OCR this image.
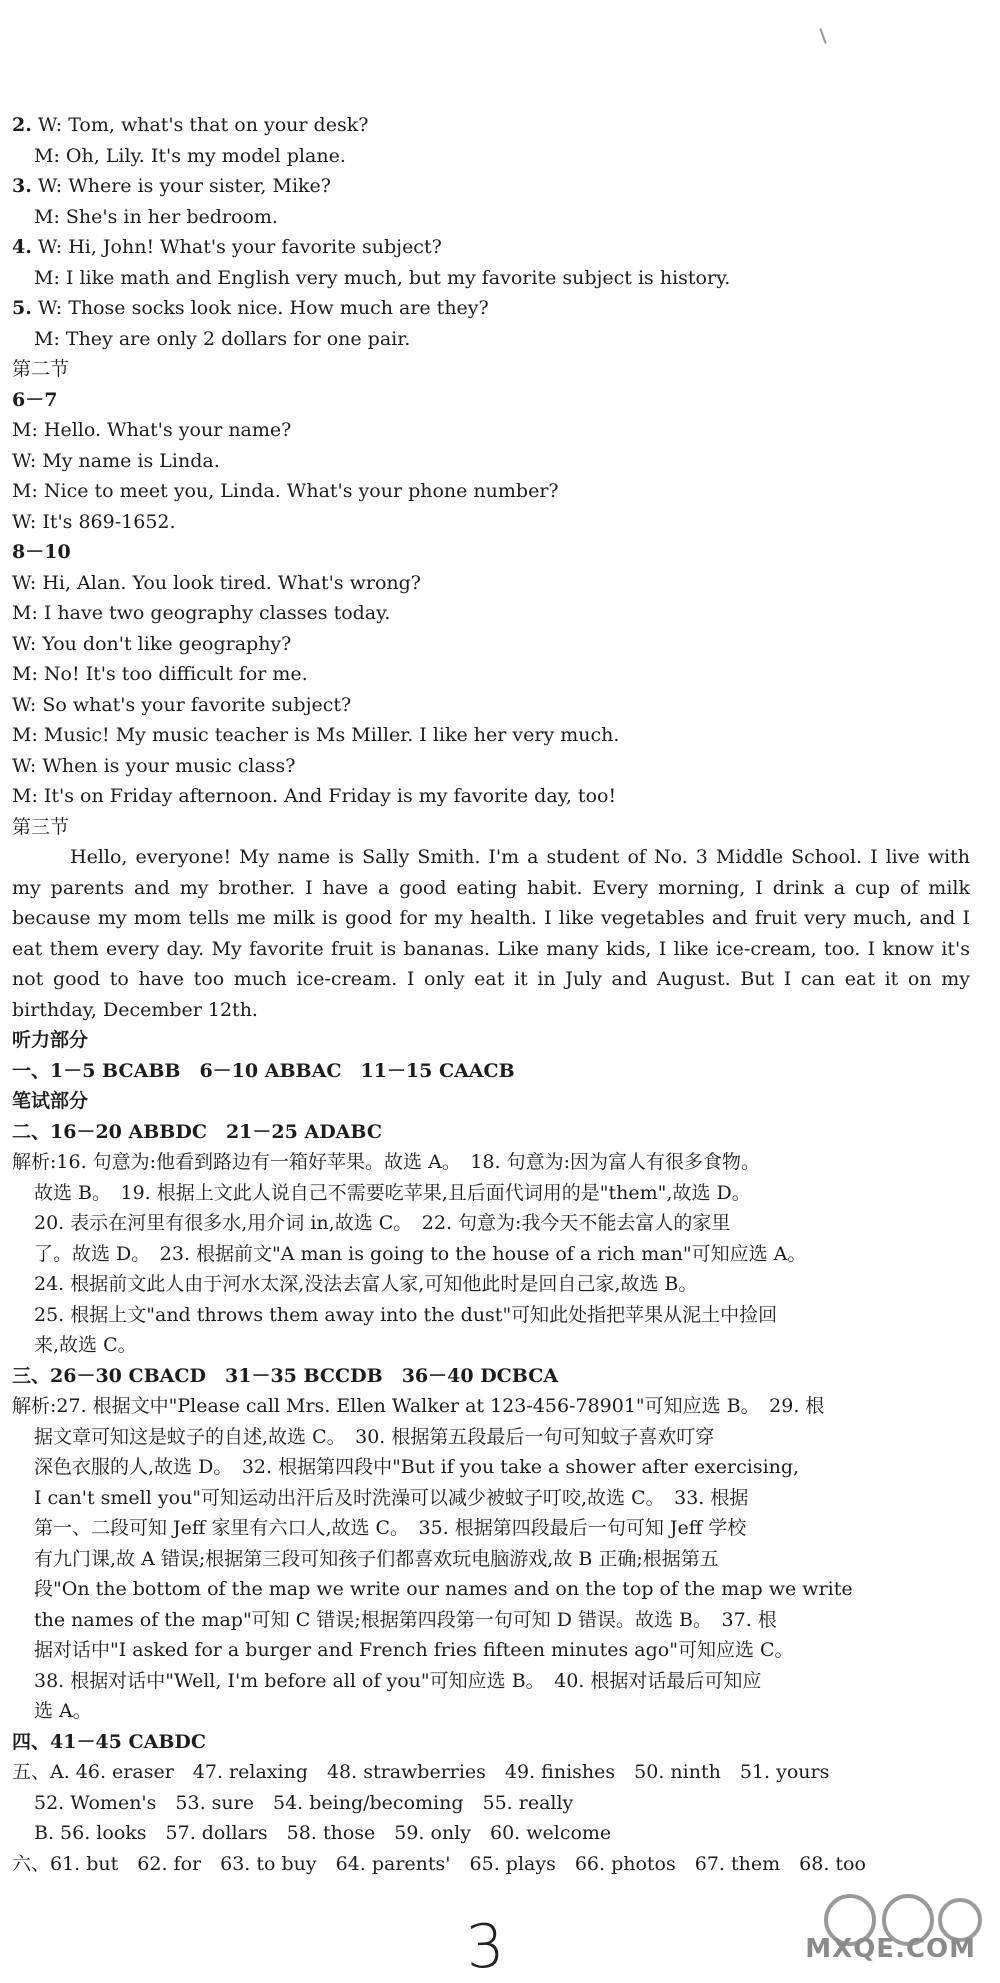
2. W: Tom, what's that on your desk?
M: Oh, Lily. It's my model plane.
3. W: Where is your sister, Mike?
M: She's in her bedroom.
4. W: Hi, John! What's your favorite subject?
M: I like math and English very much, but my favorite subject is history.
5. W: Those socks look nice. How much are they?
M: They are only 2 dollars for one pair.
第二节
6－7
M: Hello. What's your name?
W: My name is Linda.
M: Nice to meet you, Linda. What's your phone number?
W: It's 869-1652.
8－10
W: Hi, Alan. You look tired. What's wrong?
M: I have two geography classes today.
W: You don't like geography?
M: No! It's too difficult for me.
W: So what's your favorite subject?
M: Music! My music teacher is Ms Miller. I like her very much.
W: When is your music class?
M: It's on Friday afternoon. And Friday is my favorite day, too!
第三节
Hello, everyone! My name is Sally Smith. I'm a student of No. 3 Middle School. I live with my parents and my brother. I have a good eating habit. Every morning, I drink a cup of milk because my mom tells me milk is good for my health. I like vegetables and fruit very much, and I eat them every day. My favorite fruit is bananas. Like many kids, I like ice-cream, too. I know it's not good to have too much ice-cream. I only eat it in July and August. But I can eat it on my birthday, December 12th.
听力部分
一、1－5 BCABB　6－10 ABBAC　11－15 CAACB
笔试部分
二、16－20 ABBDC　21－25 ADABC
解析:16. 句意为:他看到路边有一箱好苹果。故选 A。　18. 句意为:因为富人有很多食物。
故选 B。　19. 根据上文此人说自己不需要吃苹果,且后面代词用的是"them",故选 D。
20. 表示在河里有很多水,用介词 in,故选 C。　22. 句意为:我今天不能去富人的家里
了。故选 D。　23. 根据前文"A man is going to the house of a rich man"可知应选 A。
24. 根据前文此人由于河水太深,没法去富人家,可知他此时是回自己家,故选 B。
25. 根据上文"and throws them away into the dust"可知此处指把苹果从泥土中捡回
来,故选 C。
三、26－30 CBACD　31－35 BCCDB　36－40 DCBCA
解析:27. 根据文中"Please call Mrs. Ellen Walker at 123-456-78901"可知应选 B。　29. 根
据文章可知这是蚊子的自述,故选 C。　30. 根据第五段最后一句可知蚊子喜欢叮穿
深色衣服的人,故选 D。　32. 根据第四段中"But if you take a shower after exercising,
I can't smell you"可知运动出汗后及时洗澡可以减少被蚊子叮咬,故选 C。　33. 根据
第一、二段可知 Jeff 家里有六口人,故选 C。　35. 根据第四段最后一句可知 Jeff 学校
有九门课,故 A 错误;根据第三段可知孩子们都喜欢玩电脑游戏,故 B 正确;根据第五
段"On the bottom of the map we write our names and on the top of the map we write
the names of the map"可知 C 错误;根据第四段第一句可知 D 错误。故选 B。　37. 根
据对话中"I asked for a burger and French fries fifteen minutes ago"可知应选 C。
38. 根据对话中"Well, I'm before all of you"可知应选 B。　40. 根据对话最后可知应
选 A。
四、41－45 CABDC
五、A. 46. eraser　47. relaxing　48. strawberries　49. finishes　50. ninth　51. yours
52. Women's　53. sure　54. being/becoming　55. really
B. 56. looks　57. dollars　58. those　59. only　60. welcome
六、61. but　62. for　63. to buy　64. parents'　65. plays　66. photos　67. them　68. too
3	MXQE.COM
